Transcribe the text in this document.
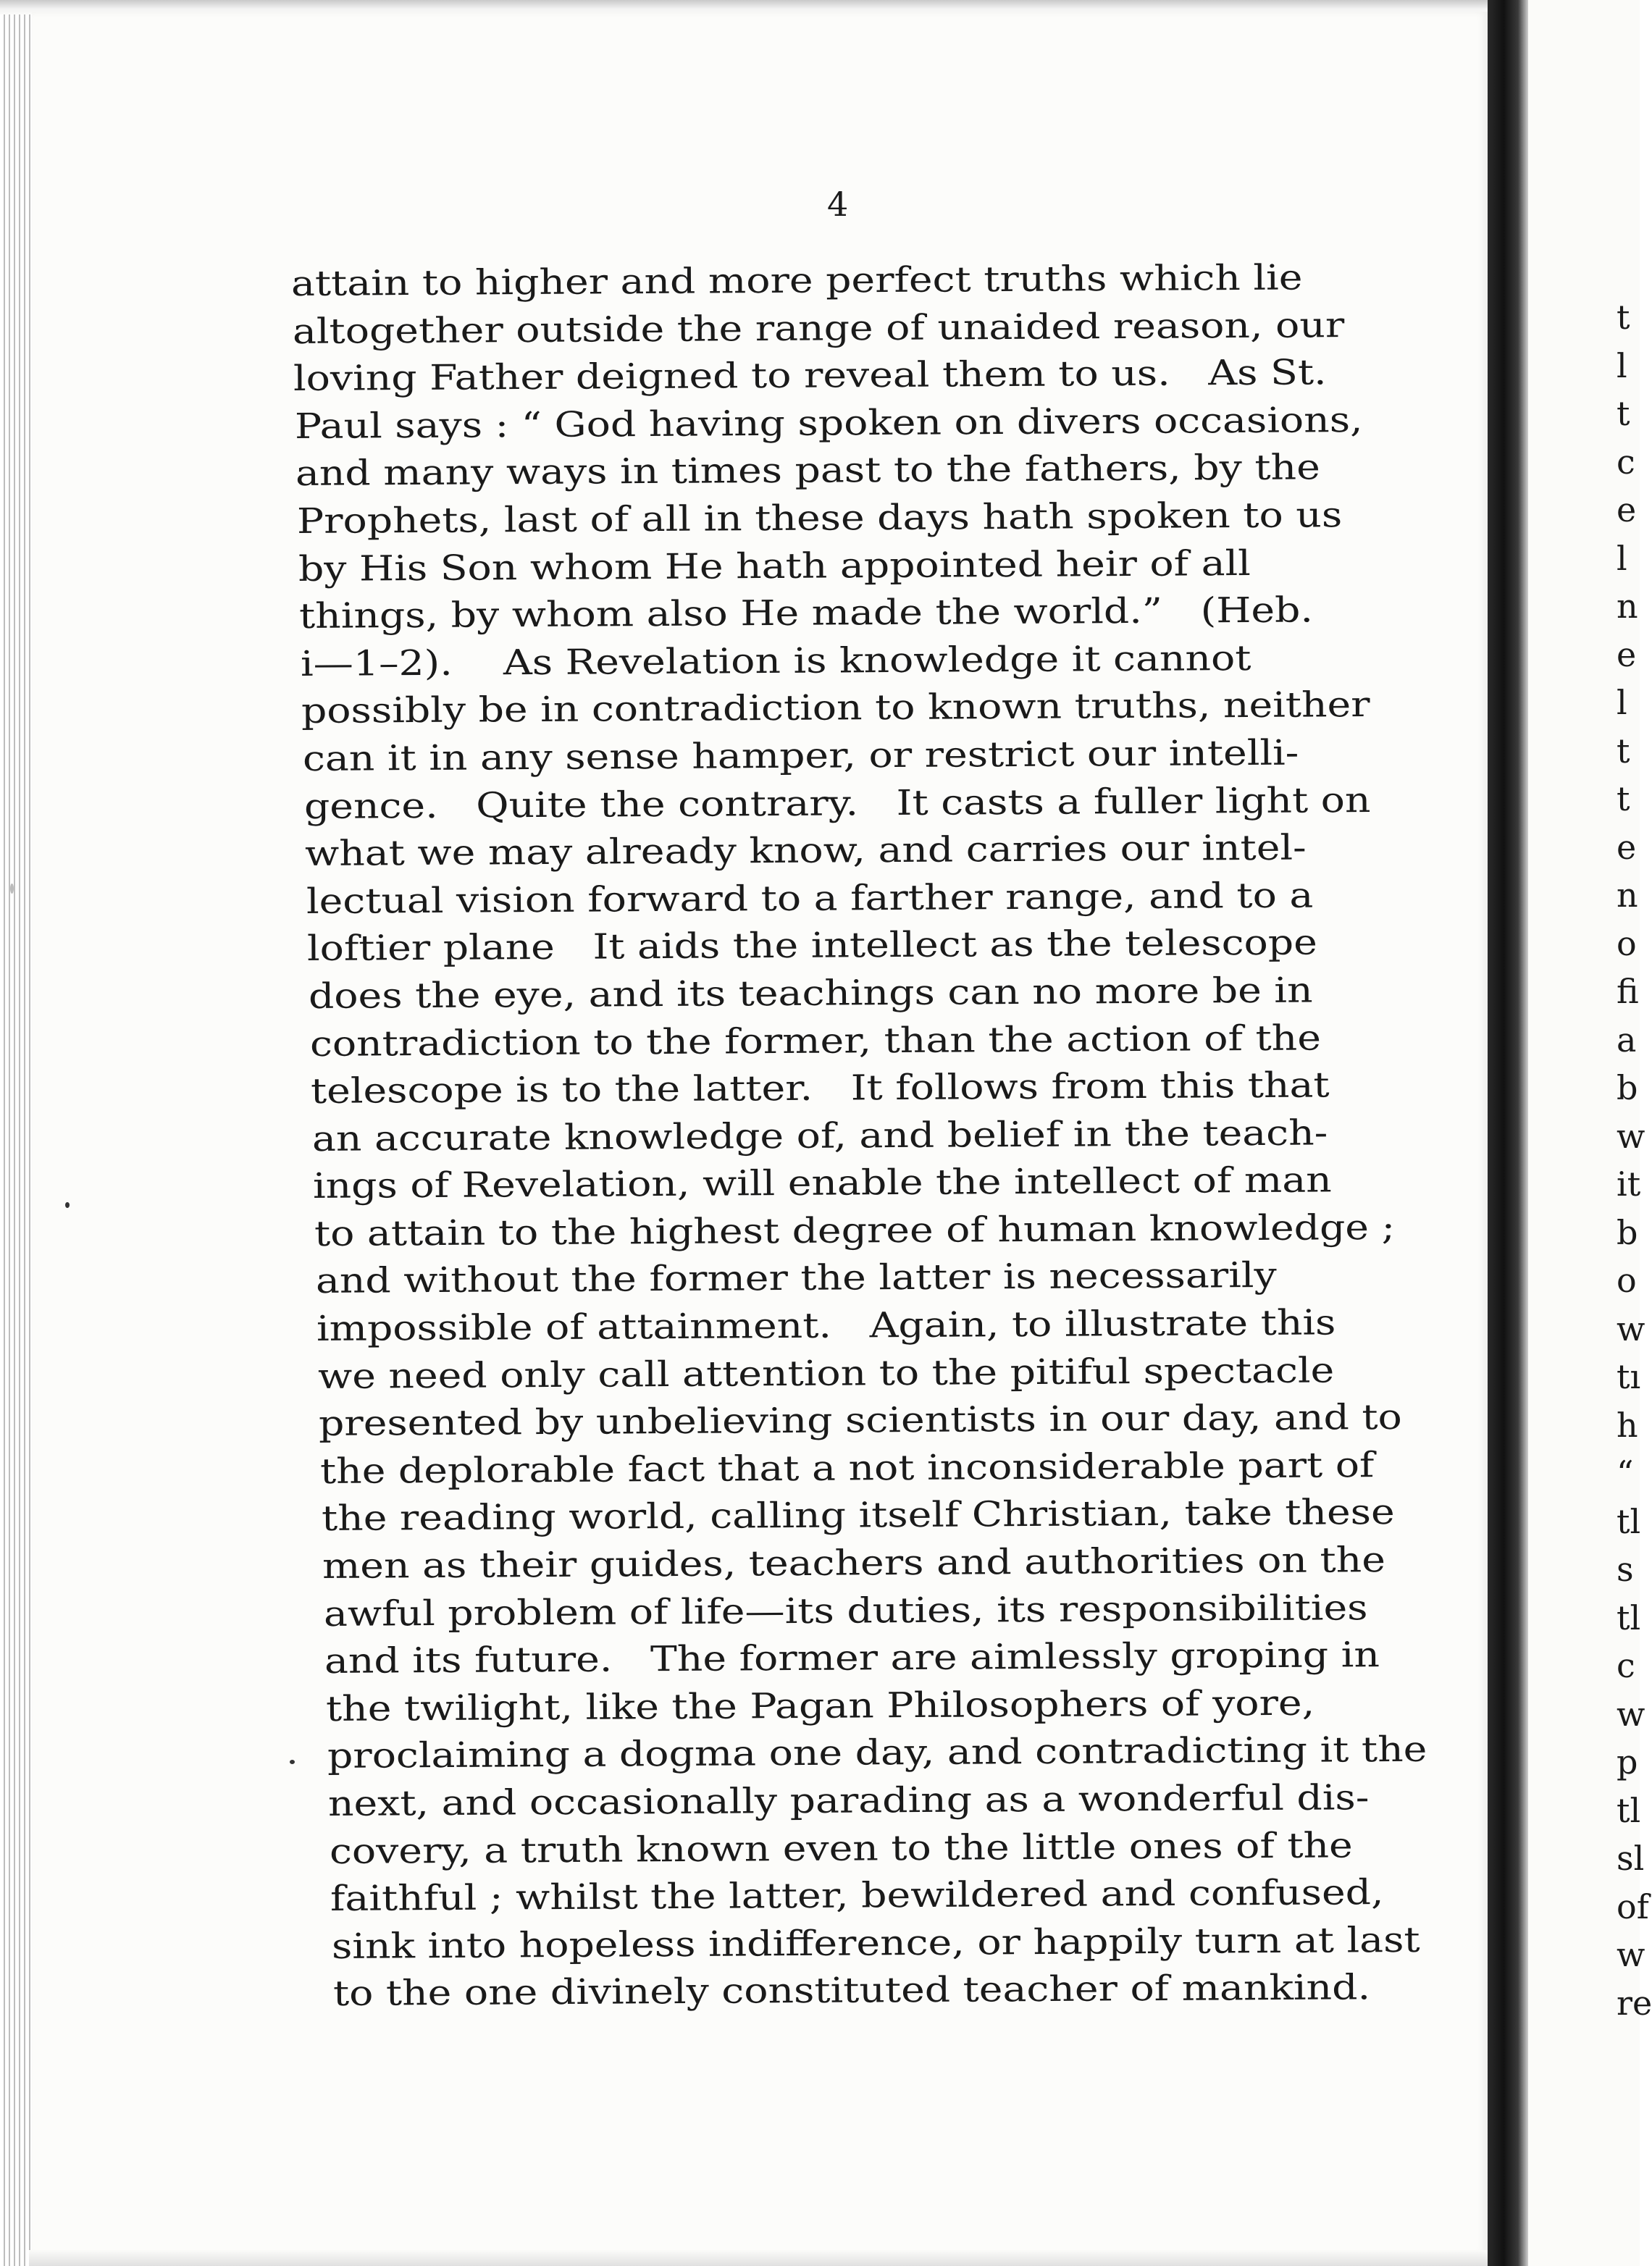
4
attain to higher and more perfect truths which lie
altogether outside the range of unaided reason, our
loving Father deigned to reveal them to us.   As St.
Paul says : “ God having spoken on divers occasions,
and many ways in times past to the fathers, by the
Prophets, last of all in these days hath spoken to us
by His Son whom He hath appointed heir of all
things, by whom also He made the world.”   (Heb.
i—1–2).    As Revelation is knowledge it cannot
possibly be in contradiction to known truths, neither
can it in any sense hamper, or restrict our intelli-
gence.   Quite the contrary.   It casts a fuller light on
what we may already know, and carries our intel-
lectual vision forward to a farther range, and to a
loftier plane   It aids the intellect as the telescope
does the eye, and its teachings can no more be in
contradiction to the former, than the action of the
telescope is to the latter.   It follows from this that
an accurate knowledge of, and belief in the teach-
ings of Revelation, will enable the intellect of man
to attain to the highest degree of human knowledge ;
and without the former the latter is necessarily
impossible of attainment.   Again, to illustrate this
we need only call attention to the pitiful spectacle
presented by unbelieving scientists in our day, and to
the deplorable fact that a not inconsiderable part of
the reading world, calling itself Christian, take these
men as their guides, teachers and authorities on the
awful problem of life—its duties, its responsibilities
and its future.   The former are aimlessly groping in
the twilight, like the Pagan Philosophers of yore,
proclaiming a dogma one day, and contradicting it the
next, and occasionally parading as a wonderful dis-
covery, a truth known even to the little ones of the
faithful ; whilst the latter, bewildered and confused,
sink into hopeless indifference, or happily turn at last
to the one divinely constituted teacher of mankind.
t
l
t
c
e
l
n
e
l
t
t
e
n
o
fi
a
b
w
it
b
o
w
tı
h
“
tl
s
tl
c
w
p
tl
sl
of
w
re
